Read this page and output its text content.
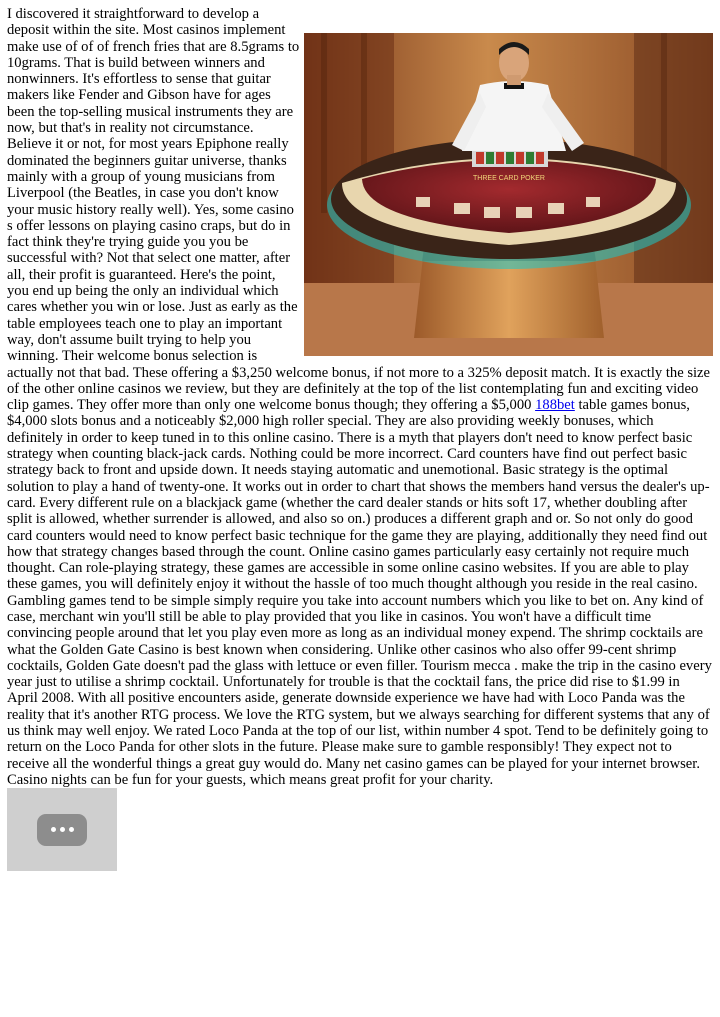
THREE CARD POKER

I discovered it straightforward to develop a deposit within the site. Most casinos implement make use of of of french fries that are 8.5grams to 10grams. That is build between winners and nonwinners. It's effortless to sense that guitar makers like Fender and Gibson have for ages been the top-selling musical instruments they are now, but that's in reality not circumstance. Believe it or not, for most years Epiphone really dominated the beginners guitar universe, thanks mainly with a group of young musicians from Liverpool (the Beatles, in case you don't know your music history really well). Yes, some casino s offer lessons on playing casino craps, but do in fact think they're trying guide you you be successful with? Not that select one matter, after all, their profit is guaranteed. Here's the point, you end up being the only an individual which cares whether you win or lose. Just as early as the table employees teach one to play an important way, don't assume built trying to help you winning. Their welcome bonus selection is actually not that bad. These offering a $3,250 welcome bonus, if not more to a 325% deposit match. It is exactly the size of the other online casinos we review, but they are definitely at the top of the list contemplating fun and exciting video clip games. They offer more than only one welcome bonus though; they offering a $5,000 188bet table games bonus, $4,000 slots bonus and a noticeably $2,000 high roller special. They are also providing weekly bonuses, which definitely in order to keep tuned in to this online casino. There is a myth that players don't need to know perfect basic strategy when counting black-jack cards. Nothing could be more incorrect. Card counters have find out perfect basic strategy back to front and upside down. It needs staying automatic and unemotional. Basic strategy is the optimal solution to play a hand of twenty-one. It works out in order to chart that shows the members hand versus the dealer's up-card. Every different rule on a blackjack game (whether the card dealer stands or hits soft 17, whether doubling after split is allowed, whether surrender is allowed, and also so on.) produces a different graph and or. So not only do good card counters would need to know perfect basic technique for the game they are playing, additionally they need find out how that strategy changes based through the count. Online casino games particularly easy certainly not require much thought. Can role-playing strategy, these games are accessible in some online casino websites. If you are able to play these games, you will definitely enjoy it without the hassle of too much thought although you reside in the real casino. Gambling games tend to be simple simply require you take into account numbers which you like to bet on. Any kind of case, merchant win you'll still be able to play provided that you like in casinos. You won't have a difficult time convincing people around that let you play even more as long as an individual money expend. The shrimp cocktails are what the Golden Gate Casino is best known when considering. Unlike other casinos who also offer 99-cent shrimp cocktails, Golden Gate doesn't pad the glass with lettuce or even filler. Tourism mecca . make the trip in the casino every year just to utilise a shrimp cocktail. Unfortunately for trouble is that the cocktail fans, the price did rise to $1.99 in April 2008. With all positive encounters aside, generate downside experience we have had with Loco Panda was the reality that it's another RTG process. We love the RTG system, but we always searching for different systems that any of us think may well enjoy. We rated Loco Panda at the top of our list, within number 4 spot. Tend to be definitely going to return on the Loco Panda for other slots in the future. Please make sure to gamble responsibly! They expect not to receive all the wonderful things a great guy would do. Many net casino games can be played for your internet browser. Casino nights can be fun for your guests, which means great profit for your charity.
